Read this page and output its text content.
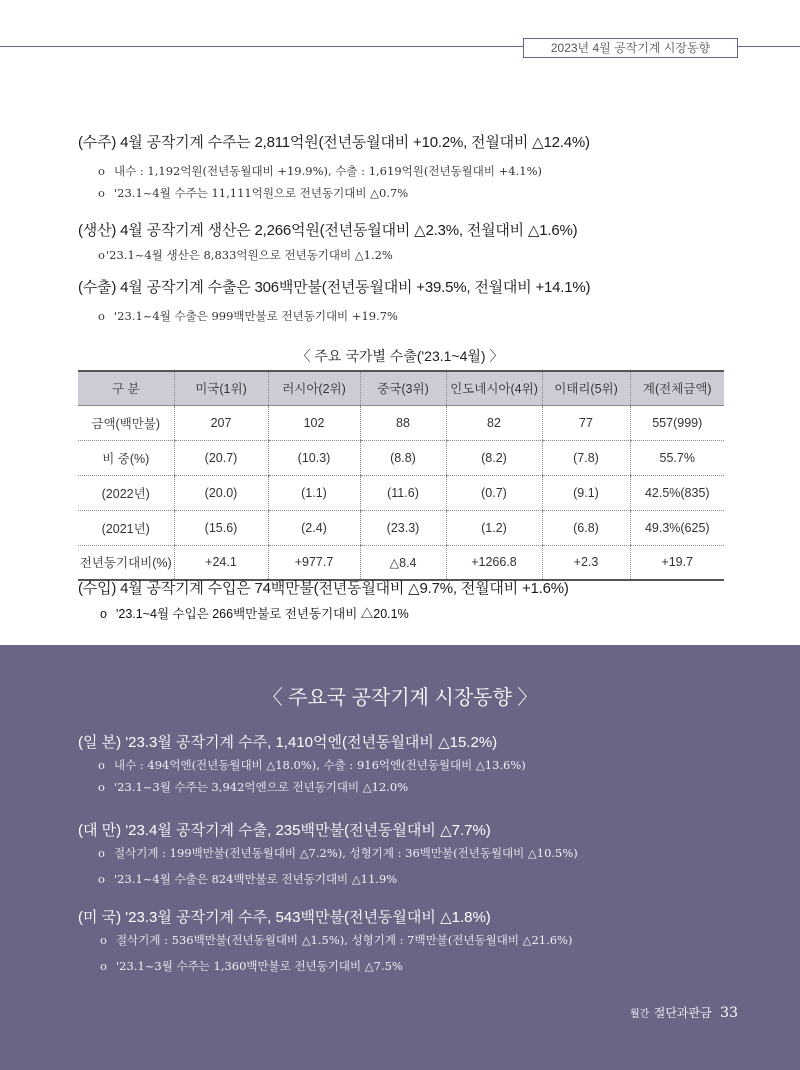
2023년 4월 공작기계 시장동향
(수주) 4월 공작기계 수주는 2,811억원(전년동월대비 +10.2%, 전월대비 △12.4%)
o 내수 : 1,192억원(전년동월대비 +19.9%), 수출 : 1,619억원(전년동월대비 +4.1%)
o '23.1~4월 수주는 11,111억원으로 전년동기대비 △0.7%
(생산) 4월 공작기계 생산은 2,266억원(전년동월대비 △2.3%, 전월대비 △1.6%)
o'23.1~4월 생산은 8,833억원으로 전년동기대비 △1.2%
(수출) 4월 공작기계 수출은 306백만불(전년동월대비 +39.5%, 전월대비 +14.1%)
o '23.1~4월 수출은 999백만불로 전년동기대비 +19.7%
〈 주요 국가별 수출('23.1~4월) 〉
구 분	미국(1위)	러시아(2위)	중국(3위)	인도네시아(4위)	이태리(5위)	계(전체금액)
금액(백만불)	207	102	88	82	77	557(999)
비 중(%)	(20.7)	(10.3)	(8.8)	(8.2)	(7.8)	55.7%
(2022년)	(20.0)	(1.1)	(11.6)	(0.7)	(9.1)	42.5%(835)
(2021년)	(15.6)	(2.4)	(23.3)	(1.2)	(6.8)	49.3%(625)
전년동기대비(%)	+24.1	+977.7	△8.4	+1266.8	+2.3	+19.7
(수입) 4월 공작기계 수입은 74백만불(전년동월대비 △9.7%, 전월대비 +1.6%)
o '23.1~4월 수입은 266백만불로 전년동기대비 △20.1%
〈 주요국 공작기계 시장동향 〉
(일 본) '23.3월 공작기계 수주, 1,410억엔(전년동월대비 △15.2%)
o 내수 : 494억엔(전년동월대비 △18.0%), 수출 : 916억엔(전년동월대비 △13.6%)
o '23.1~3월 수주는 3,942억엔으로 전년동기대비 △12.0%
(대 만) '23.4월 공작기계 수출, 235백만불(전년동월대비 △7.7%)
o 절삭기계 : 199백만불(전년동월대비 △7.2%), 성형기계 : 36백만불(전년동월대비 △10.5%)
o '23.1~4월 수출은 824백만불로 전년동기대비 △11.9%
(미 국) '23.3월 공작기계 수주, 543백만불(전년동월대비 △1.8%)
o 절삭기계 : 536백만불(전년동월대비 △1.5%), 성형기계 : 7백만불(전년동월대비 △21.6%)
o '23.1~3월 수주는 1,360백만불로 전년동기대비 △7.5%
월간 절단과판금 33
